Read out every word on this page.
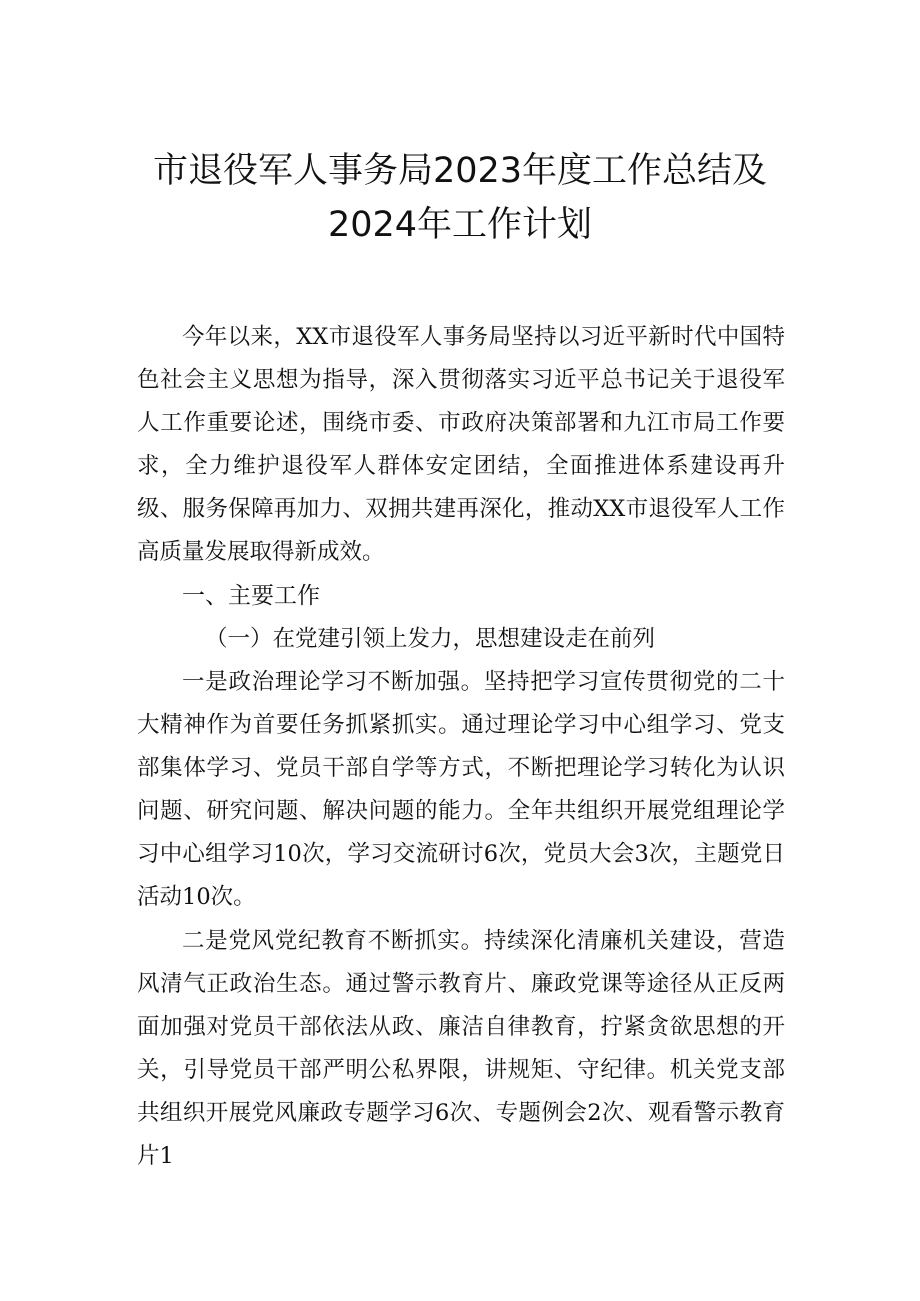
市退役军人事务局2023年度工作总结及
2024年工作计划
今年以来，XX市退役军人事务局坚持以习近平新时代中国特色社会主义思想为指导，深入贯彻落实习近平总书记关于退役军人工作重要论述，围绕市委、市政府决策部署和九江市局工作要求，全力维护退役军人群体安定团结，全面推进体系建设再升级、服务保障再加力、双拥共建再深化，推动XX市退役军人工作高质量发展取得新成效。
一、主要工作
（一）在党建引领上发力，思想建设走在前列
一是政治理论学习不断加强。坚持把学习宣传贯彻党的二十大精神作为首要任务抓紧抓实。通过理论学习中心组学习、党支部集体学习、党员干部自学等方式，不断把理论学习转化为认识问题、研究问题、解决问题的能力。全年共组织开展党组理论学习中心组学习10次，学习交流研讨6次，党员大会3次，主题党日活动10次。
二是党风党纪教育不断抓实。持续深化清廉机关建设，营造风清气正政治生态。通过警示教育片、廉政党课等途径从正反两面加强对党员干部依法从政、廉洁自律教育，拧紧贪欲思想的开关，引导党员干部严明公私界限，讲规矩、守纪律。机关党支部共组织开展党风廉政专题学习6次、专题例会2次、观看警示教育片1
